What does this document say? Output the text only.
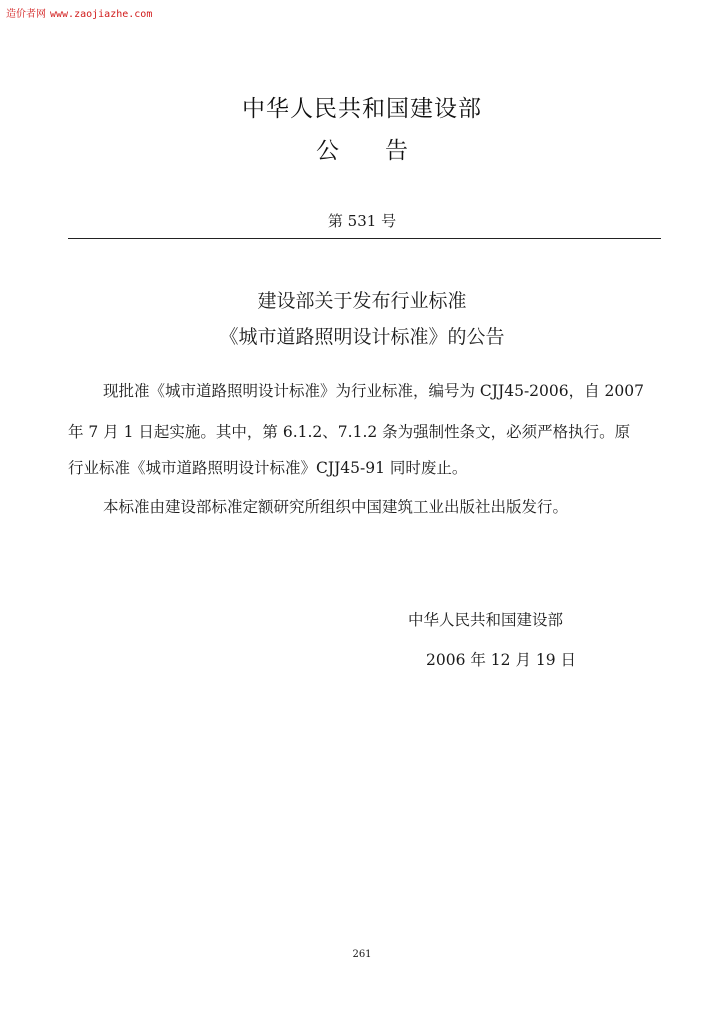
造价者网 www.zaojiazhe.com
中华人民共和国建设部
公 告
第 531 号
建设部关于发布行业标准
《城市道路照明设计标准》的公告
现批准《城市道路照明设计标准》为行业标准，编号为 CJJ45-2006，自 2007
年 7 月 1 日起实施。其中，第 6.1.2、7.1.2 条为强制性条文，必须严格执行。原
行业标准《城市道路照明设计标准》CJJ45-91 同时废止。
本标准由建设部标准定额研究所组织中国建筑工业出版社出版发行。
中华人民共和国建设部
2006 年 12 月 19 日
261
